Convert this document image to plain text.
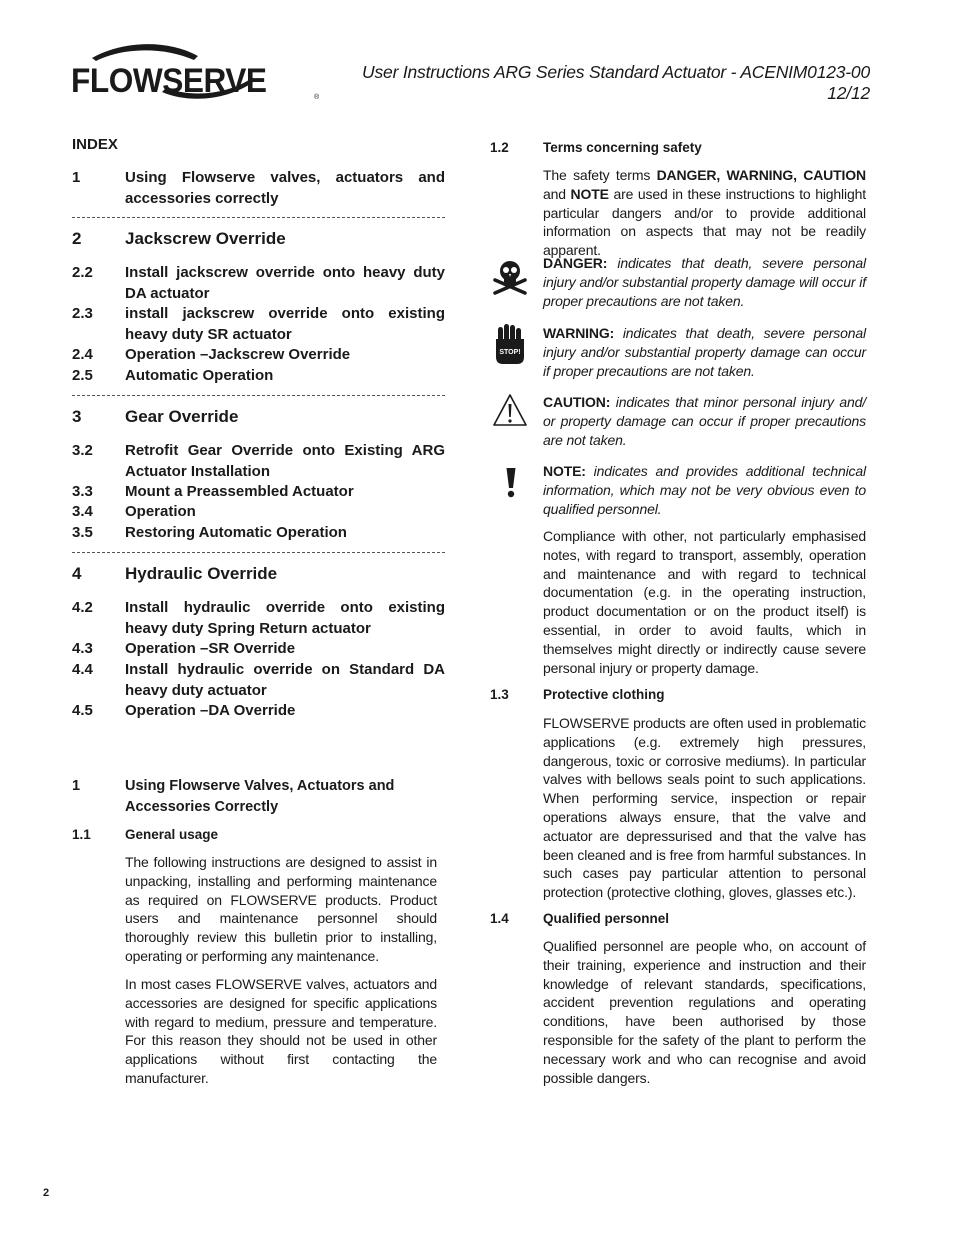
FLOWSERVE	®
User Instructions ARG Series Standard Actuator - ACENIM0123-00 12/12
INDEX
1	Using Flowserve valves, actuators and accessories correctly
2	Jackscrew Override
2.2	Install jackscrew override onto heavy duty DA actuator
2.3	install jackscrew override onto existing heavy duty SR actuator
2.4	Operation –Jackscrew Override
2.5	Automatic Operation
3	Gear Override
3.2	Retrofit Gear Override onto Existing ARG Actuator Installation
3.3	Mount a Preassembled Actuator
3.4	Operation
3.5	Restoring Automatic Operation
4	Hydraulic Override
4.2	Install hydraulic override onto existing heavy duty Spring Return actuator
4.3	Operation –SR Override
4.4	Install hydraulic override on Standard DA heavy duty actuator
4.5	Operation –DA Override
1	Using Flowserve Valves, Actuators and Accessories Correctly
1.1	General usage
The following instructions are designed to assist in unpacking, installing and performing maintenance as required on FLOWSERVE products. Product users and maintenance personnel should thoroughly review this bulletin prior to installing, operating or performing any maintenance.
In most cases FLOWSERVE valves, actuators and accessories are designed for specific applications with regard to medium, pressure and temperature. For this reason they should not be used in other applications without first contacting the manufacturer.
1.2	Terms concerning safety
The safety terms DANGER, WARNING, CAUTION and NOTE are used in these instructions to highlight particular dangers and/or to provide additional information on aspects that may not be readily apparent.
DANGER: indicates that death, severe personal injury and/or substantial property damage will occur if proper precautions are not taken.
STOP!
WARNING: indicates that death, severe personal injury and/or substantial property damage can occur if proper precautions are not taken.
CAUTION: indicates that minor personal injury and/ or property damage can occur if proper precautions are not taken.
NOTE: indicates and provides additional technical information, which may not be very obvious even to qualified personnel.
Compliance with other, not particularly emphasised notes, with regard to transport, assembly, operation and maintenance and with regard to technical documentation (e.g. in the operating instruction, product documentation or on the product itself) is essential, in order to avoid faults, which in themselves might directly or indirectly cause severe personal injury or property damage.
1.3	Protective clothing
FLOWSERVE products are often used in problematic applications (e.g. extremely high pressures, dangerous, toxic or corrosive mediums). In particular valves with bellows seals point to such applications. When performing service, inspection or repair operations always ensure, that the valve and actuator are depressurised and that the valve has been cleaned and is free from harmful substances. In such cases pay particular attention to personal protection (protective clothing, gloves, glasses etc.).
1.4	Qualified personnel
Qualified personnel are people who, on account of their training, experience and instruction and their knowledge of relevant standards, specifications, accident prevention regulations and operating conditions, have been authorised by those responsible for the safety of the plant to perform the necessary work and who can recognise and avoid possible dangers.
2
